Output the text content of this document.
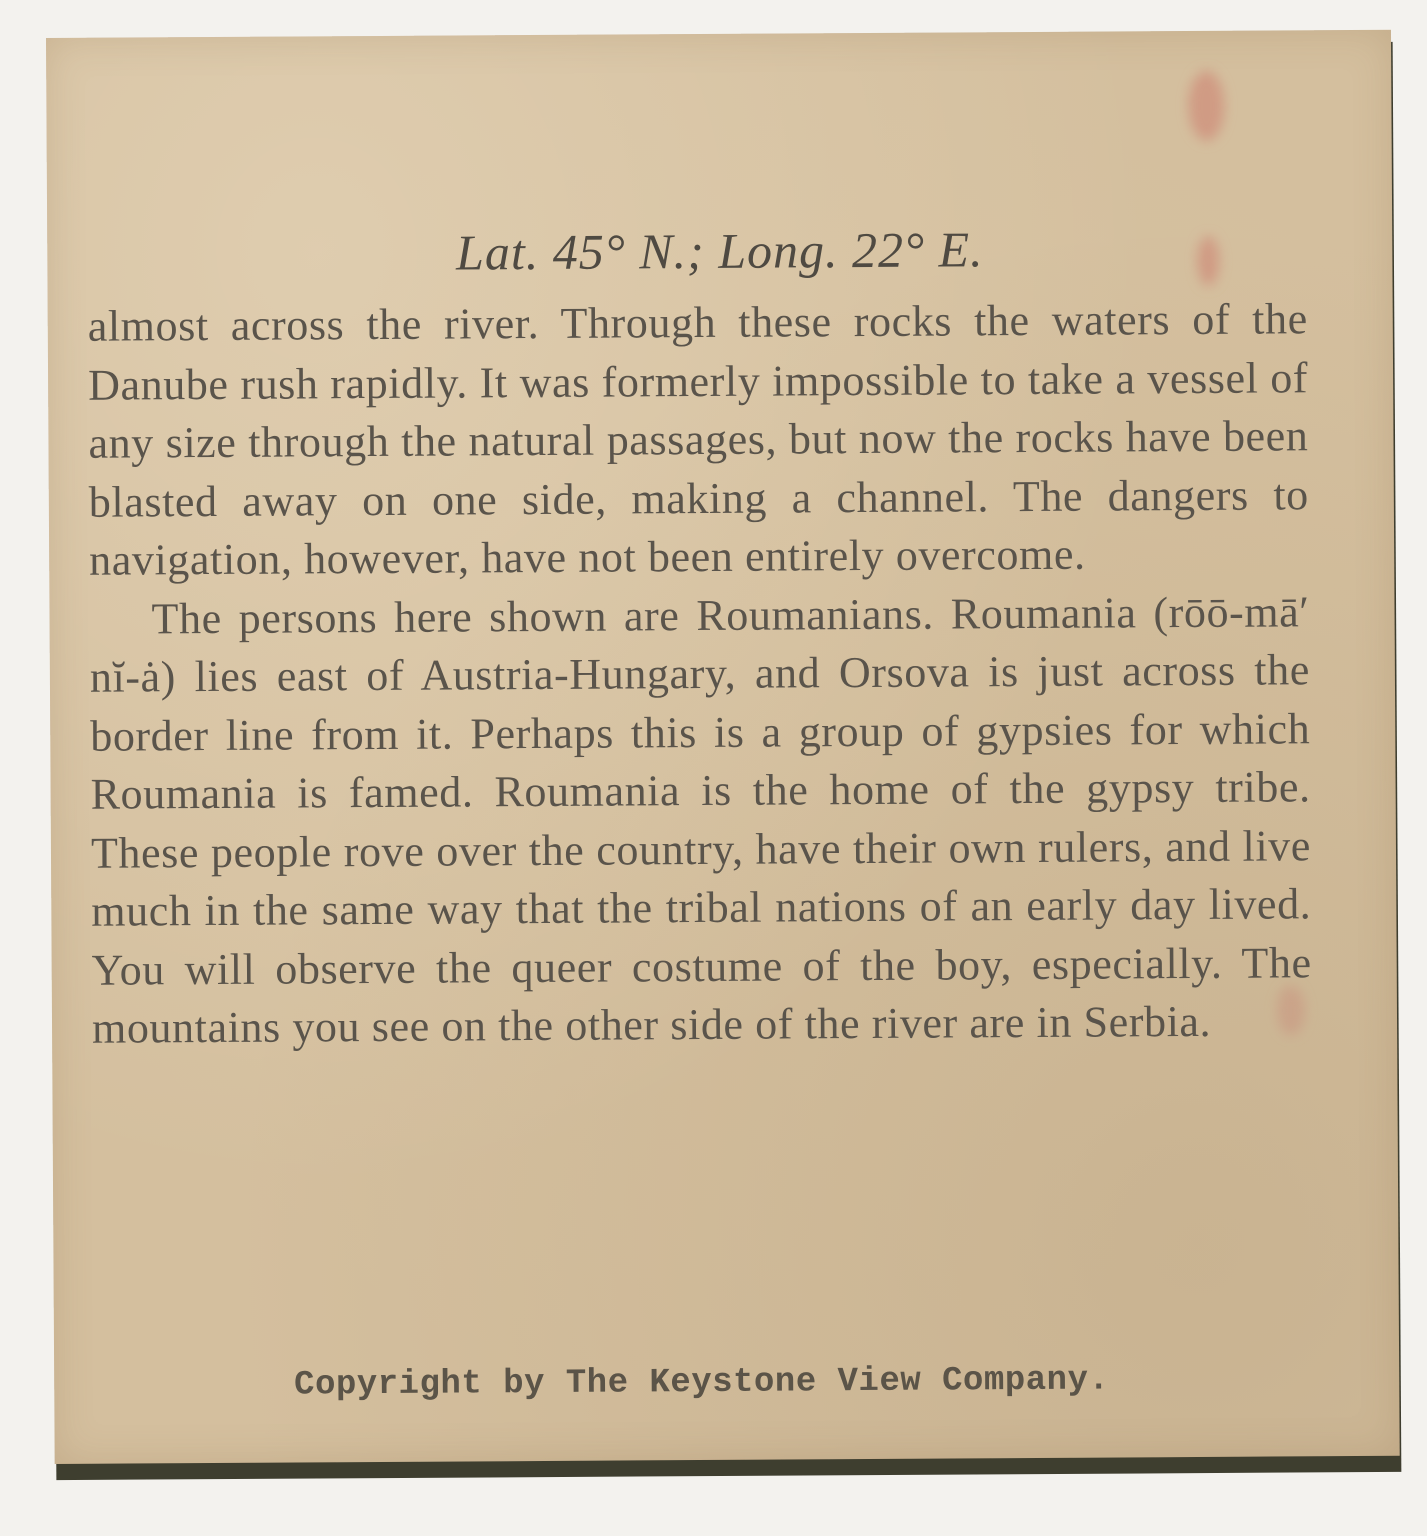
Lat. 45° N.; Long. 22° E.

almost across the river. Through these rocks the waters of the Danube rush rapidly. It was formerly impossible to take a vessel of any size through the natural passages, but now the rocks have been blasted away on one side, making a channel. The dangers to navigation, however, have not been entirely overcome.

The persons here shown are Roumanians. Roumania (rōō-mā′ nĭ-ȧ) lies east of Austria-Hungary, and Orsova is just across the border line from it. Perhaps this is a group of gypsies for which Roumania is famed. Roumania is the home of the gypsy tribe. These people rove over the country, have their own rulers, and live much in the same way that the tribal nations of an early day lived. You will observe the queer costume of the boy, especially. The mountains you see on the other side of the river are in Serbia.

Copyright by The Keystone View Company.
